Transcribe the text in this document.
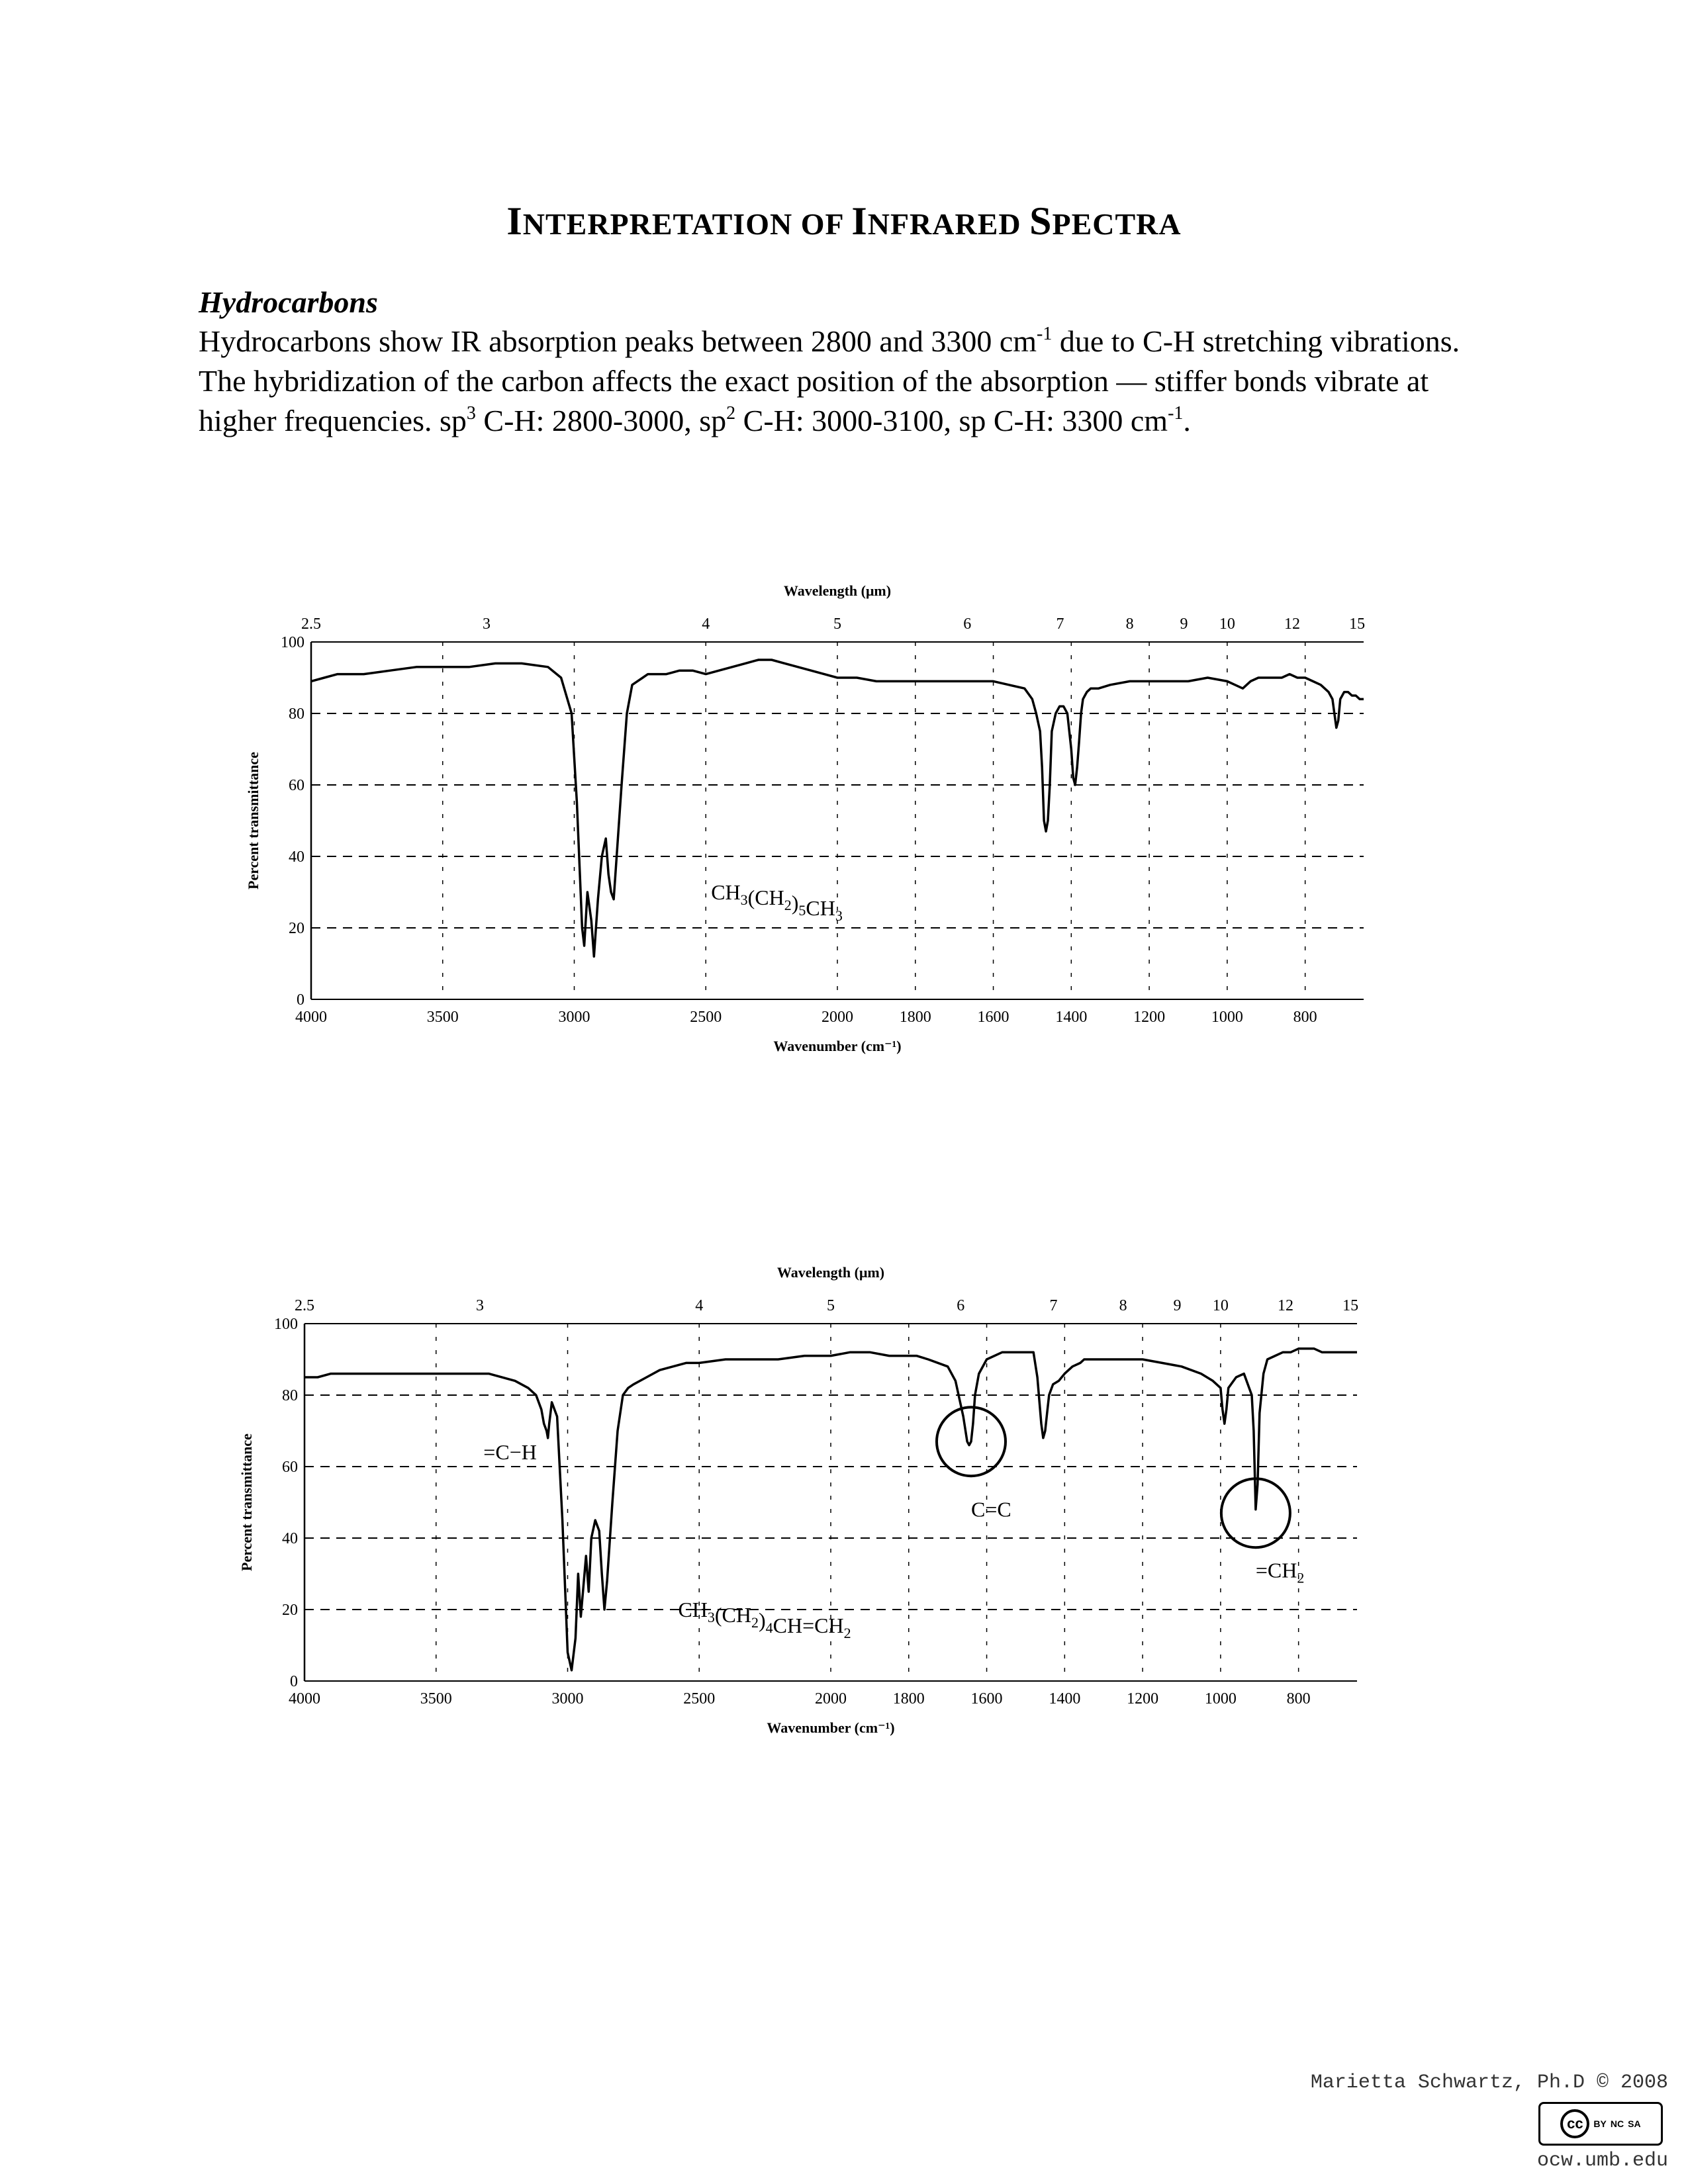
INTERPRETATION OF INFRARED SPECTRA
Hydrocarbons
Hydrocarbons show IR absorption peaks between 2800 and 3300 $cm^{-1}$ due to C-H stretching vibrations. The hybridization of the carbon affects the exact position of the absorption — stiffer bonds vibrate at higher frequencies. $sp^3$ C-H: 2800-3000, $sp^2$ C-H: 3000-3100, sp C-H: 3300 $cm^{-1}$.
Wavelength (μm)
2.5	3	4	5	6	7	8	9 10	12	15
0
20
40
60
80
100
4000	3500	3000	2500	2000	1800	1600	1400	1200	1000	800
Wavenumber (cm⁻¹)
Percent transmittance
$CH_3(CH_2)_5CH_3$
Wavelength (μm)
2.5	3	4	5	6	7	8	9 10	12	15
0
20
40
60
80
100
4000	3500	3000	2500	2000	1800	1600	1400	1200	1000	800
Wavenumber (cm⁻¹)
Percent transmittance	=C−H
C=C
$=CH_2$
$CH_3(CH_2)_4CH=CH_2$
Marietta Schwartz, Ph.D © 2008
cc	BY NC SA
ocw.umb.edu
